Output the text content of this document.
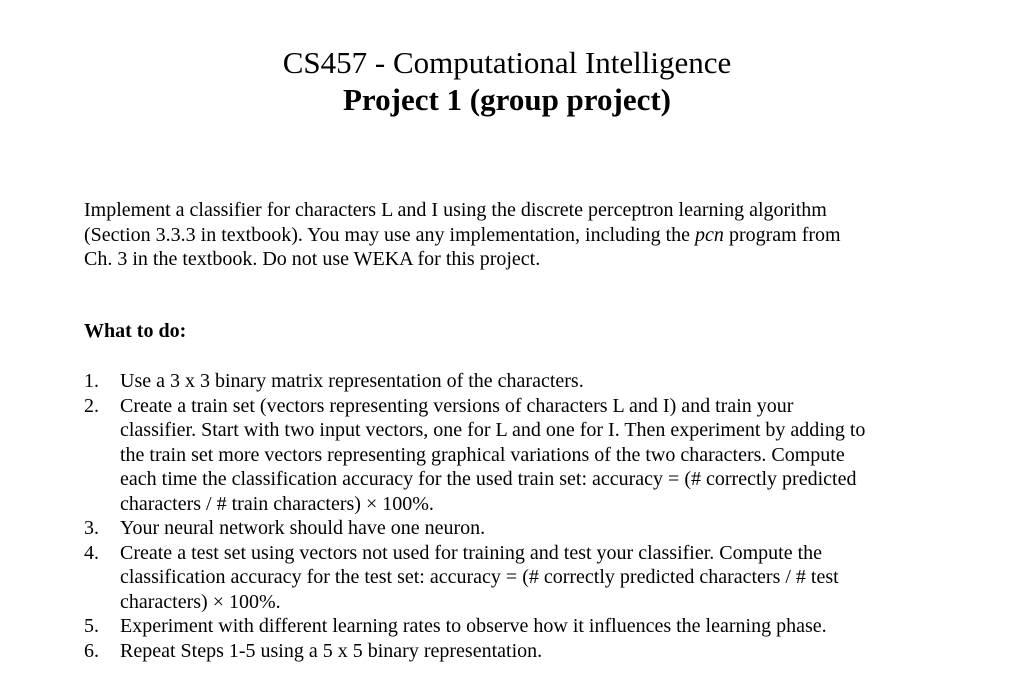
CS457 - Computational Intelligence
Project 1 (group project)

Implement a classifier for characters L and I using the discrete perceptron learning algorithm
(Section 3.3.3 in textbook). You may use any implementation, including the pcn program from
Ch. 3 in the textbook. Do not use WEKA for this project.

What to do:

1. Use a 3 x 3 binary matrix representation of the characters.
2. Create a train set (vectors representing versions of characters L and I) and train your
classifier. Start with two input vectors, one for L and one for I. Then experiment by adding to
the train set more vectors representing graphical variations of the two characters. Compute
each time the classification accuracy for the used train set: accuracy = (# correctly predicted
characters / # train characters) × 100%.
3. Your neural network should have one neuron.
4. Create a test set using vectors not used for training and test your classifier. Compute the
classification accuracy for the test set: accuracy = (# correctly predicted characters / # test
characters) × 100%.
5. Experiment with different learning rates to observe how it influences the learning phase.
6. Repeat Steps 1-5 using a 5 x 5 binary representation.
